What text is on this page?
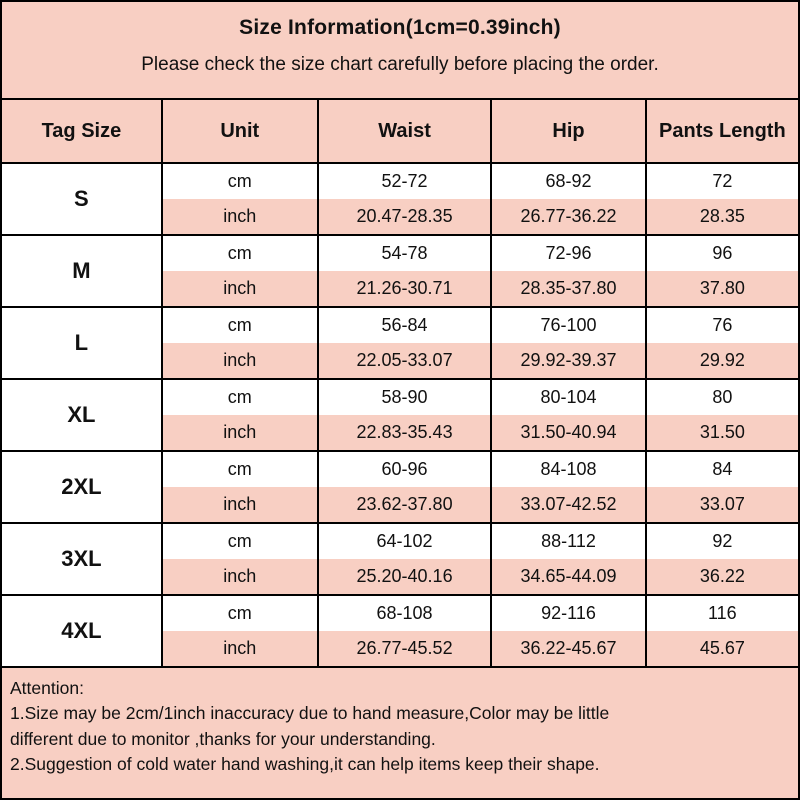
Size Information(1cm=0.39inch)
Please check the size chart carefully before placing the order.
Tag Size	Unit	Waist	Hip	Pants Length
S
cm	52-72	68-92	72
inch	20.47-28.35	26.77-36.22	28.35
M
cm	54-78	72-96	96
inch	21.26-30.71	28.35-37.80	37.80
L
cm	56-84	76-100	76
inch	22.05-33.07	29.92-39.37	29.92
XL
cm	58-90	80-104	80
inch	22.83-35.43	31.50-40.94	31.50
2XL
cm	60-96	84-108	84
inch	23.62-37.80	33.07-42.52	33.07
3XL
cm	64-102	88-112	92
inch	25.20-40.16	34.65-44.09	36.22
4XL
cm	68-108	92-116	116
inch	26.77-45.52	36.22-45.67	45.67
Attention:
1.Size may be 2cm/1inch inaccuracy due to hand measure,Color may be little
different due to monitor ,thanks for your understanding.
2.Suggestion of cold water hand washing,it can help items keep their shape.
